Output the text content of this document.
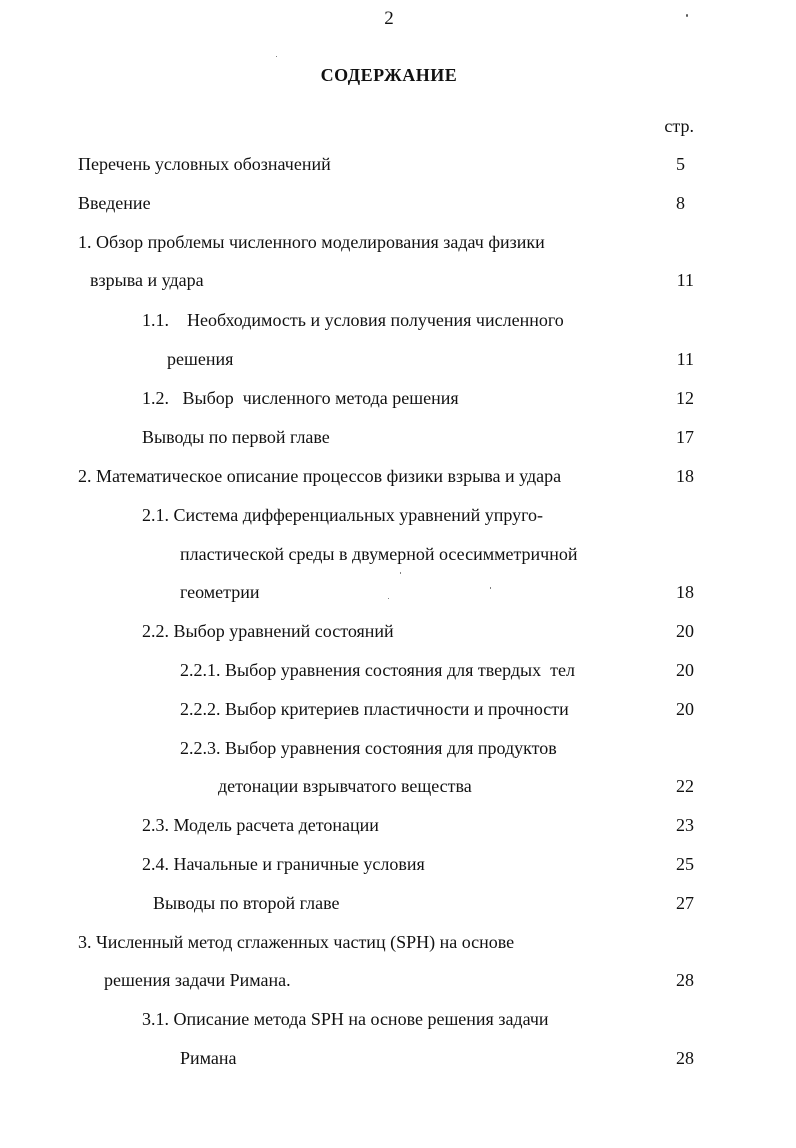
2
СОДЕРЖАНИЕ
стр.
Перечень условных обозначений	5
Введение	8
1. Обзор проблемы численного моделирования задач физики
взрыва и удара	11
1.1.    Необходимость и условия получения численного
решения	11
1.2.   Выбор  численного метода решения	12
Выводы по первой главе	17
2. Математическое описание процессов физики взрыва и удара	18
2.1. Система дифференциальных уравнений упруго-
пластической среды в двумерной осесимметричной
геометрии	18
2.2. Выбор уравнений состояний	20
2.2.1. Выбор уравнения состояния для твердых  тел	20
2.2.2. Выбор критериев пластичности и прочности	20
2.2.3. Выбор уравнения состояния для продуктов
детонации взрывчатого вещества	22
2.3. Модель расчета детонации	23
2.4. Начальные и граничные условия	25
Выводы по второй главе	27
3. Численный метод сглаженных частиц (SPH) на основе
решения задачи Римана.	28
3.1. Описание метода SPH на основе решения задачи
Римана	28
